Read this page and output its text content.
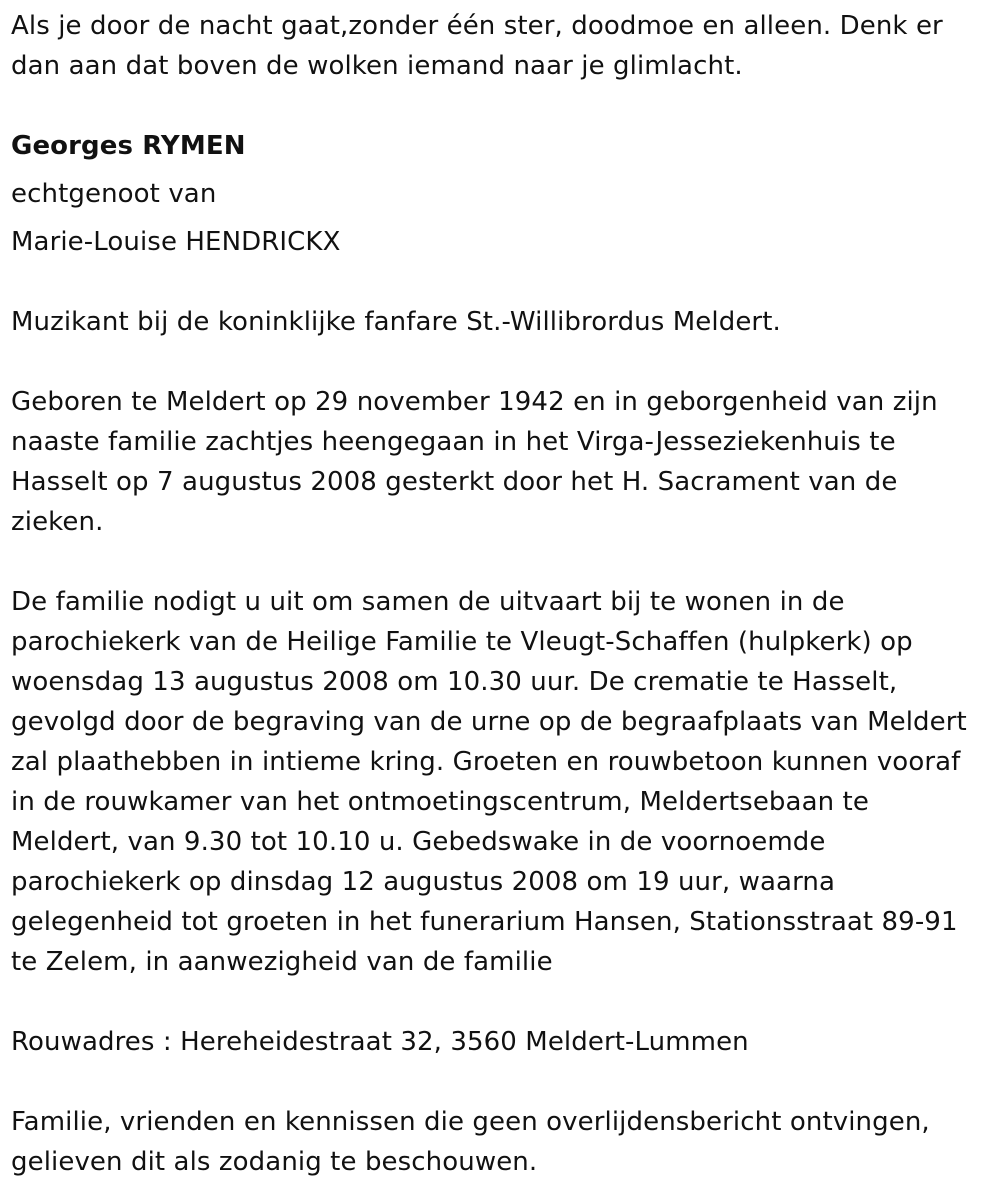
Als je door de nacht gaat,zonder één ster, doodmoe en alleen. Denk er
dan aan dat boven de wolken iemand naar je glimlacht.

Georges RYMEN

echtgenoot van

Marie-Louise HENDRICKX

Muzikant bij de koninklijke fanfare St.-Willibrordus Meldert.

Geboren te Meldert op 29 november 1942 en in geborgenheid van zijn
naaste familie zachtjes heengegaan in het Virga-Jesseziekenhuis te
Hasselt op 7 augustus 2008 gesterkt door het H. Sacrament van de
zieken.

De familie nodigt u uit om samen de uitvaart bij te wonen in de
parochiekerk van de Heilige Familie te Vleugt-Schaffen (hulpkerk) op
woensdag 13 augustus 2008 om 10.30 uur. De crematie te Hasselt,
gevolgd door de begraving van de urne op de begraafplaats van Meldert
zal plaathebben in intieme kring. Groeten en rouwbetoon kunnen vooraf
in de rouwkamer van het ontmoetingscentrum, Meldertsebaan te
Meldert, van 9.30 tot 10.10 u. Gebedswake in de voornoemde
parochiekerk op dinsdag 12 augustus 2008 om 19 uur, waarna
gelegenheid tot groeten in het funerarium Hansen, Stationsstraat 89-91
te Zelem, in aanwezigheid van de familie

Rouwadres : Hereheidestraat 32, 3560 Meldert-Lummen

Familie, vrienden en kennissen die geen overlijdensbericht ontvingen,
gelieven dit als zodanig te beschouwen.
